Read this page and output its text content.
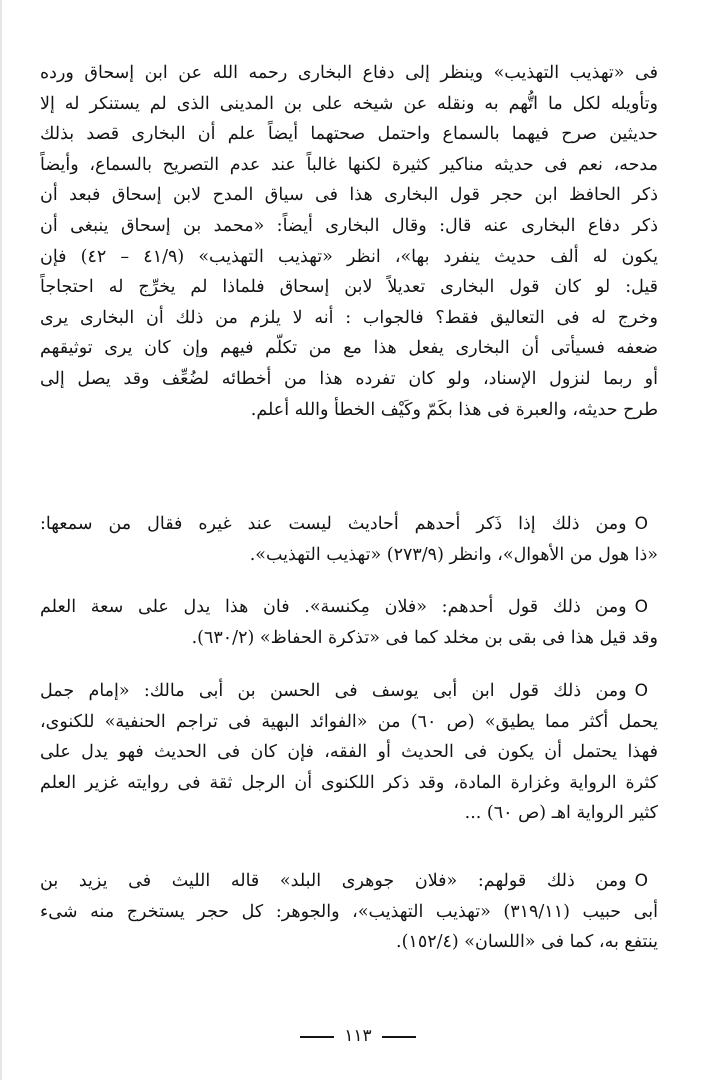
فى «تهذيب التهذيب» وينظر إلى دفاع البخارى رحمه الله عن ابن إسحاق ورده
وتأويله لكل ما اتُّهم به ونقله عن شيخه على بن المدينى الذى لم يستنكر له إلا
حديثين صرح فيهما بالسماع واحتمل صحتهما أيضاً علم أن البخارى قصد بذلك
مدحه، نعم فى حديثه مناكير كثيرة لكنها غالباً عند عدم التصريح بالسماع، وأيضاً
ذكر الحافظ ابن حجر قول البخارى هذا فى سياق المدح لابن إسحاق فبعد أن
ذكر دفاع البخارى عنه قال: وقال البخارى أيضاً: «محمد بن إسحاق ينبغى أن
يكون له ألف حديث ينفرد بها»، انظر «تهذيب التهذيب» (٤١/٩ – ٤٢) فإن
قيل: لو كان قول البخارى تعديلاً لابن إسحاق فلماذا لم يخرِّج له احتجاجاً
وخرج له فى التعاليق فقط؟ فالجواب : أنه لا يلزم من ذلك أن البخارى يرى
ضعفه فسيأتى أن البخارى يفعل هذا مع من تكلّم فيهم وإن كان يرى توثيقهم
أو ربما لنزول الإسناد، ولو كان تفرده هذا من أخطائه لضُعِّف وقد يصل إلى
طرح حديثه، والعبرة فى هذا بكَمّ وكَيْف الخطأ والله أعلم.
Oومن ذلك إذا ذَكر أحدهم أحاديث ليست عند غيره فقال من سمعها:
«ذا هول من الأهوال»، وانظر (٢٧٣/٩) «تهذيب التهذيب».
Oومن ذلك قول أحدهم: «فلان مِكنسة». فان هذا يدل على سعة العلم
وقد قيل هذا فى بقى بن مخلد كما فى «تذكرة الحفاظ» (٦٣٠/٢).
Oومن ذلك قول ابن أبى يوسف فى الحسن بن أبى مالك: «إمام جمل
يحمل أكثر مما يطيق» (ص ٦٠) من «الفوائد البهية فى تراجم الحنفية» للكنوى،
فهذا يحتمل أن يكون فى الحديث أو الفقه، فإن كان فى الحديث فهو يدل على
كثرة الرواية وغزارة المادة، وقد ذكر اللكنوى أن الرجل ثقة فى روايته غزير العلم
كثير الرواية اهـ (ص ٦٠) ...
Oومن ذلك قولهم: «فلان جوهرى البلد» قاله الليث فى يزيد بن
أبى حبيب (٣١٩/١١) «تهذيب التهذيب»، والجوهر: كل حجر يستخرج منه شىء
ينتفع به، كما فى «اللسان» (١٥٢/٤).
١١٣
